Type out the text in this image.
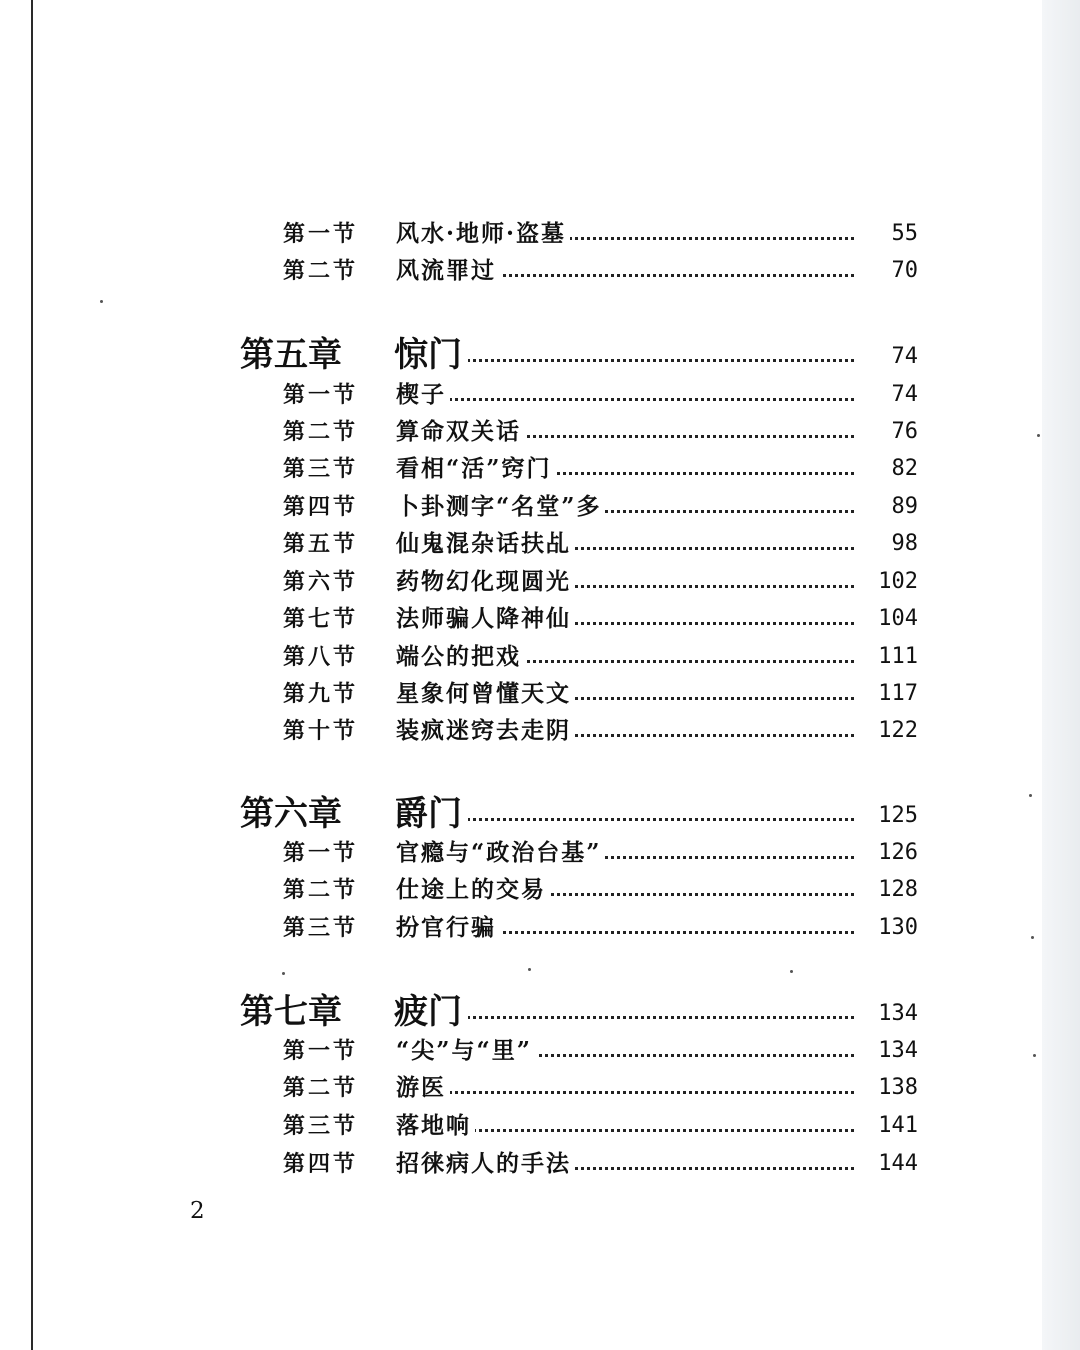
第一节 风水·地师·盗墓	55
第二节 风流罪过	70
第五章 惊门	74
第一节 楔子	74
第二节 算命双关话	76
第三节 看相“活”窍门	82
第四节 卜卦测字“名堂”多	89
第五节 仙鬼混杂话扶乩	98
第六节 药物幻化现圆光	102
第七节 法师骗人降神仙	104
第八节 端公的把戏	111
第九节 星象何曾懂天文	117
第十节 装疯迷窍去走阴	122
第六章 爵门	125
第一节 官瘾与“政治台基”	126
第二节 仕途上的交易	128
第三节 扮官行骗	130
第七章 疲门	134
第一节 “尖”与“里”	134
第二节 游医	138
第三节 落地响	141
第四节 招徕病人的手法	144
2
